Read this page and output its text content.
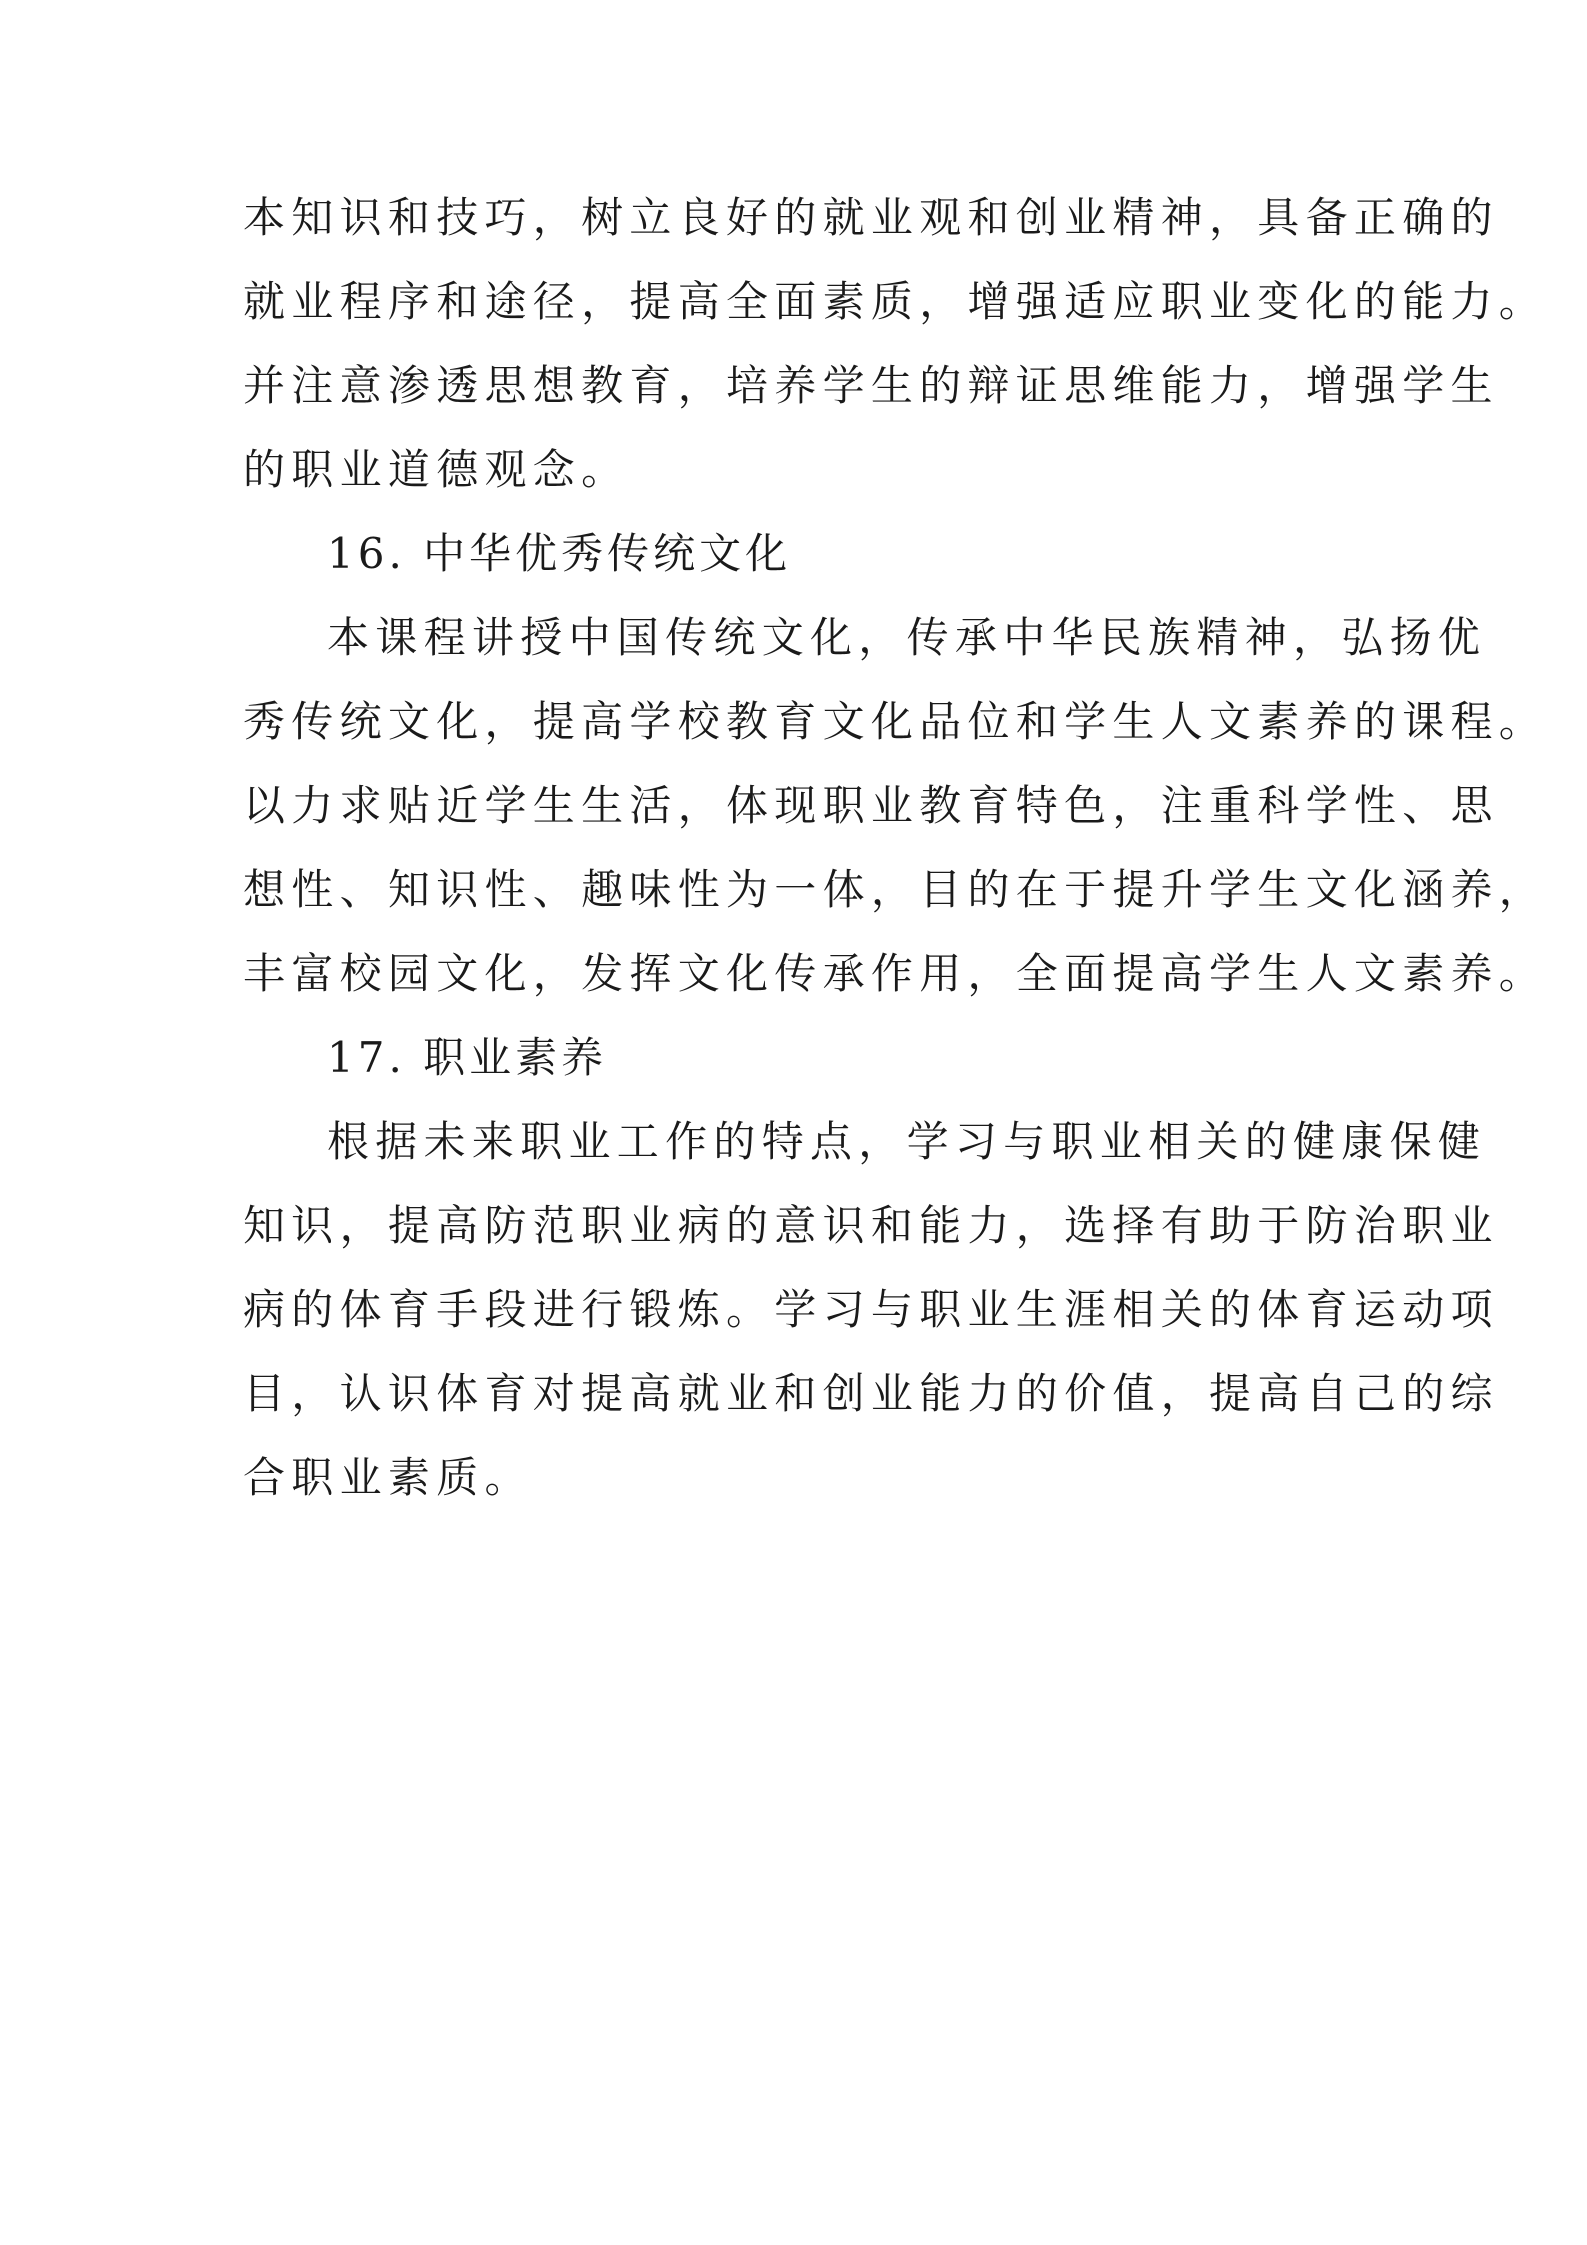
本知识和技巧，树立良好的就业观和创业精神，具备正确的
就业程序和途径，提高全面素质，增强适应职业变化的能力。
并注意渗透思想教育，培养学生的辩证思维能力，增强学生
的职业道德观念。
16. 中华优秀传统文化
本课程讲授中国传统文化，传承中华民族精神，弘扬优
秀传统文化，提高学校教育文化品位和学生人文素养的课程。
以力求贴近学生生活，体现职业教育特色，注重科学性、思
想性、知识性、趣味性为一体，目的在于提升学生文化涵养，
丰富校园文化，发挥文化传承作用，全面提高学生人文素养。
17. 职业素养
根据未来职业工作的特点，学习与职业相关的健康保健
知识，提高防范职业病的意识和能力，选择有助于防治职业
病的体育手段进行锻炼。学习与职业生涯相关的体育运动项
目，认识体育对提高就业和创业能力的价值，提高自己的综
合职业素质。
